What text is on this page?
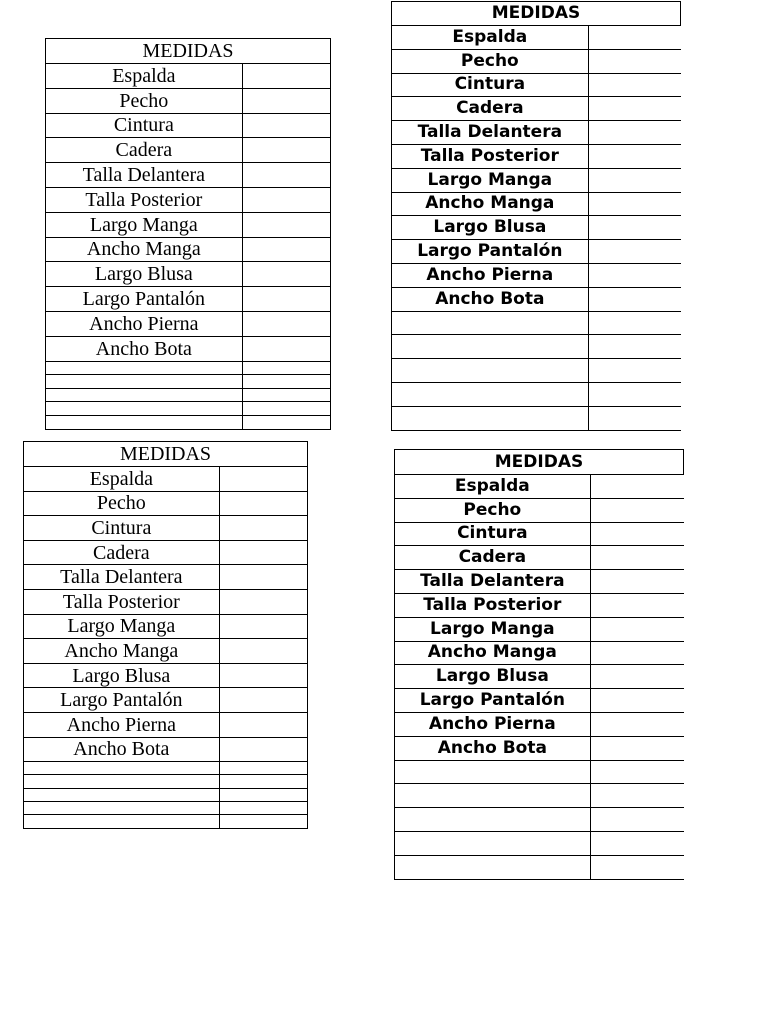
MEDIDAS	
Espalda	
Pecho	
Cintura	
Cadera	
Talla Delantera	
Talla Posterior	
Largo Manga	
Ancho Manga	
Largo Blusa	
Largo Pantalón	
Ancho Pierna	
Ancho Bota	

MEDIDAS	
Espalda	
Pecho	
Cintura	
Cadera	
Talla Delantera	
Talla Posterior	
Largo Manga	
Ancho Manga	
Largo Blusa	
Largo Pantalón	
Ancho Pierna	
Ancho Bota	

MEDIDAS	
Espalda	
Pecho	
Cintura	
Cadera	
Talla Delantera	
Talla Posterior	
Largo Manga	
Ancho Manga	
Largo Blusa	
Largo Pantalón	
Ancho Pierna	
Ancho Bota	

MEDIDAS	
Espalda	
Pecho	
Cintura	
Cadera	
Talla Delantera	
Talla Posterior	
Largo Manga	
Ancho Manga	
Largo Blusa	
Largo Pantalón	
Ancho Pierna	
Ancho Bota	
